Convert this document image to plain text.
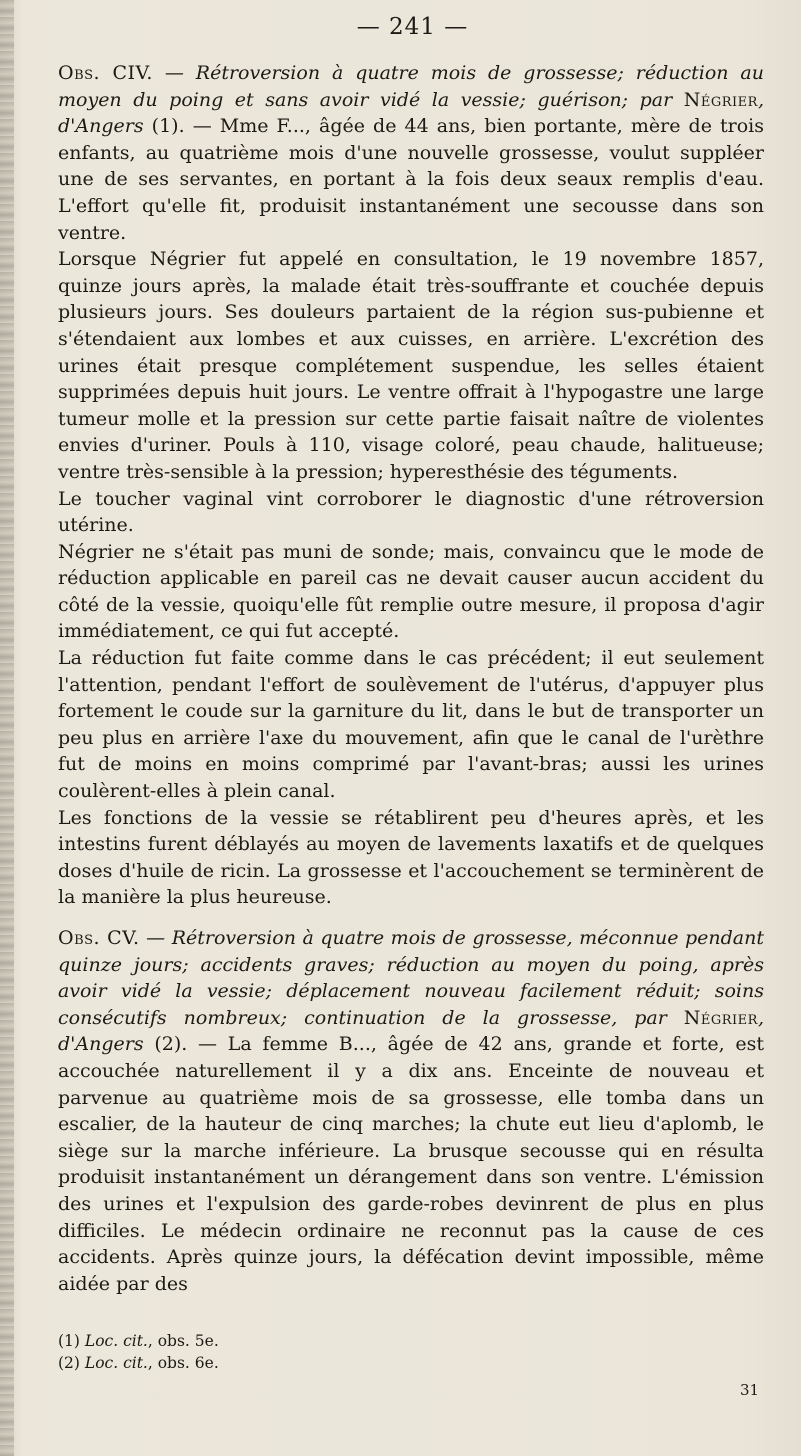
— 241 —

Obs. CIV. — Rétroversion à quatre mois de grossesse; réduction au moyen du poing et sans avoir vidé la vessie; guérison; par Négrier, d'Angers (1). — Mme F..., âgée de 44 ans, bien portante, mère de trois enfants, au quatrième mois d'une nouvelle grossesse, voulut suppléer une de ses servantes, en portant à la fois deux seaux remplis d'eau. L'effort qu'elle fit, produisit instantanément une secousse dans son ventre.

Lorsque Négrier fut appelé en consultation, le 19 novembre 1857, quinze jours après, la malade était très-souffrante et couchée depuis plusieurs jours. Ses douleurs partaient de la région sus-pubienne et s'étendaient aux lombes et aux cuisses, en arrière. L'excrétion des urines était presque complétement suspendue, les selles étaient supprimées depuis huit jours. Le ventre offrait à l'hypogastre une large tumeur molle et la pression sur cette partie faisait naître de violentes envies d'uriner. Pouls à 110, visage coloré, peau chaude, halitueuse; ventre très-sensible à la pression; hyperesthésie des téguments.

Le toucher vaginal vint corroborer le diagnostic d'une rétroversion utérine.

Négrier ne s'était pas muni de sonde; mais, convaincu que le mode de réduction applicable en pareil cas ne devait causer aucun accident du côté de la vessie, quoiqu'elle fût remplie outre mesure, il proposa d'agir immédiatement, ce qui fut accepté.

La réduction fut faite comme dans le cas précédent; il eut seulement l'attention, pendant l'effort de soulèvement de l'utérus, d'appuyer plus fortement le coude sur la garniture du lit, dans le but de transporter un peu plus en arrière l'axe du mouvement, afin que le canal de l'urèthre fut de moins en moins comprimé par l'avant-bras; aussi les urines coulèrent-elles à plein canal.

Les fonctions de la vessie se rétablirent peu d'heures après, et les intestins furent déblayés au moyen de lavements laxatifs et de quelques doses d'huile de ricin. La grossesse et l'accouchement se terminèrent de la manière la plus heureuse.

Obs. CV. — Rétroversion à quatre mois de grossesse, méconnue pendant quinze jours; accidents graves; réduction au moyen du poing, après avoir vidé la vessie; déplacement nouveau facilement réduit; soins consécutifs nombreux; continuation de la grossesse, par Négrier, d'Angers (2). — La femme B..., âgée de 42 ans, grande et forte, est accouchée naturellement il y a dix ans. Enceinte de nouveau et parvenue au quatrième mois de sa grossesse, elle tomba dans un escalier, de la hauteur de cinq marches; la chute eut lieu d'aplomb, le siège sur la marche inférieure. La brusque secousse qui en résulta produisit instantanément un dérangement dans son ventre. L'émission des urines et l'expulsion des garde-robes devinrent de plus en plus difficiles. Le médecin ordinaire ne reconnut pas la cause de ces accidents. Après quinze jours, la défécation devint impossible, même aidée par des

(1) Loc. cit., obs. 5e.
(2) Loc. cit., obs. 6e.
31
